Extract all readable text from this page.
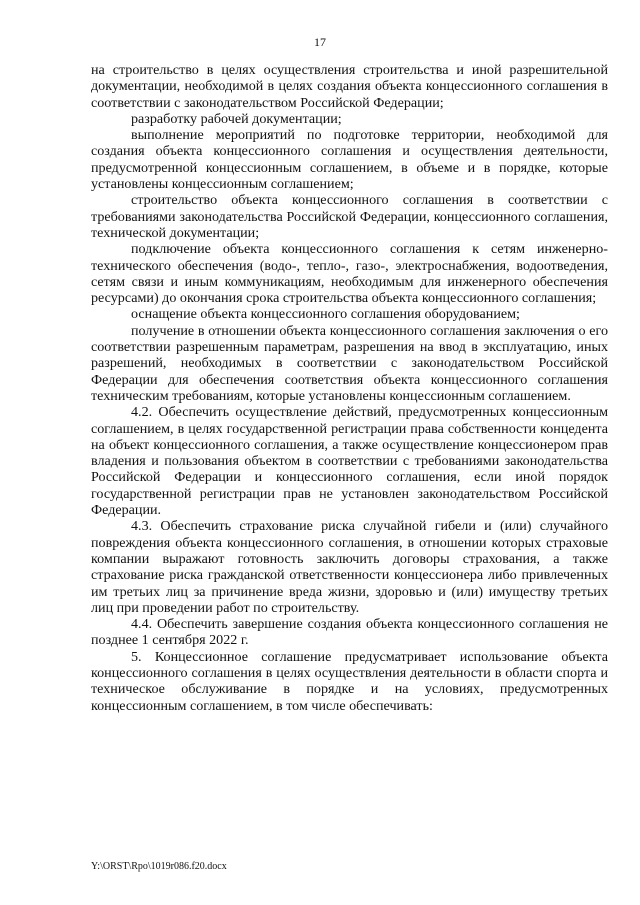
17

на строительство в целях осуществления строительства и иной разрешительной документации, необходимой в целях создания объекта концессионного соглашения в соответствии с законодательством Российской Федерации;

разработку рабочей документации;

выполнение мероприятий по подготовке территории, необходимой для создания объекта концессионного соглашения и осуществления деятельности, предусмотренной концессионным соглашением, в объеме и в порядке, которые установлены концессионным соглашением;

строительство объекта концессионного соглашения в соответствии с требованиями законодательства Российской Федерации, концессионного соглашения, технической документации;

подключение объекта концессионного соглашения к сетям инженерно-технического обеспечения (водо-, тепло-, газо-, электроснабжения, водоотведения, сетям связи и иным коммуникациям, необходимым для инженерного обеспечения ресурсами) до окончания срока строительства объекта концессионного соглашения;

оснащение объекта концессионного соглашения оборудованием;

получение в отношении объекта концессионного соглашения заключения о его соответствии разрешенным параметрам, разрешения на ввод в эксплуатацию, иных разрешений, необходимых в соответствии с законодательством Российской Федерации для обеспечения соответствия объекта концессионного соглашения техническим требованиям, которые установлены концессионным соглашением.

4.2. Обеспечить осуществление действий, предусмотренных концессионным соглашением, в целях государственной регистрации права собственности концедента на объект концессионного соглашения, а также осуществление концессионером прав владения и пользования объектом в соответствии с требованиями законодательства Российской Федерации и концессионного соглашения, если иной порядок государственной регистрации прав не установлен законодательством Российской Федерации.

4.3. Обеспечить страхование риска случайной гибели и (или) случайного повреждения объекта концессионного соглашения, в отношении которых страховые компании выражают готовность заключить договоры страхования, а также страхование риска гражданской ответственности концессионера либо привлеченных им третьих лиц за причинение вреда жизни, здоровью и (или) имуществу третьих лиц при проведении работ по строительству.

4.4. Обеспечить завершение создания объекта концессионного соглашения не позднее 1 сентября 2022 г.

5. Концессионное соглашение предусматривает использование объекта концессионного соглашения в целях осуществления деятельности в области спорта и техническое обслуживание в порядке и на условиях, предусмотренных концессионным соглашением, в том числе обеспечивать:

Y:\ORST\Rpo\1019r086.f20.docx
